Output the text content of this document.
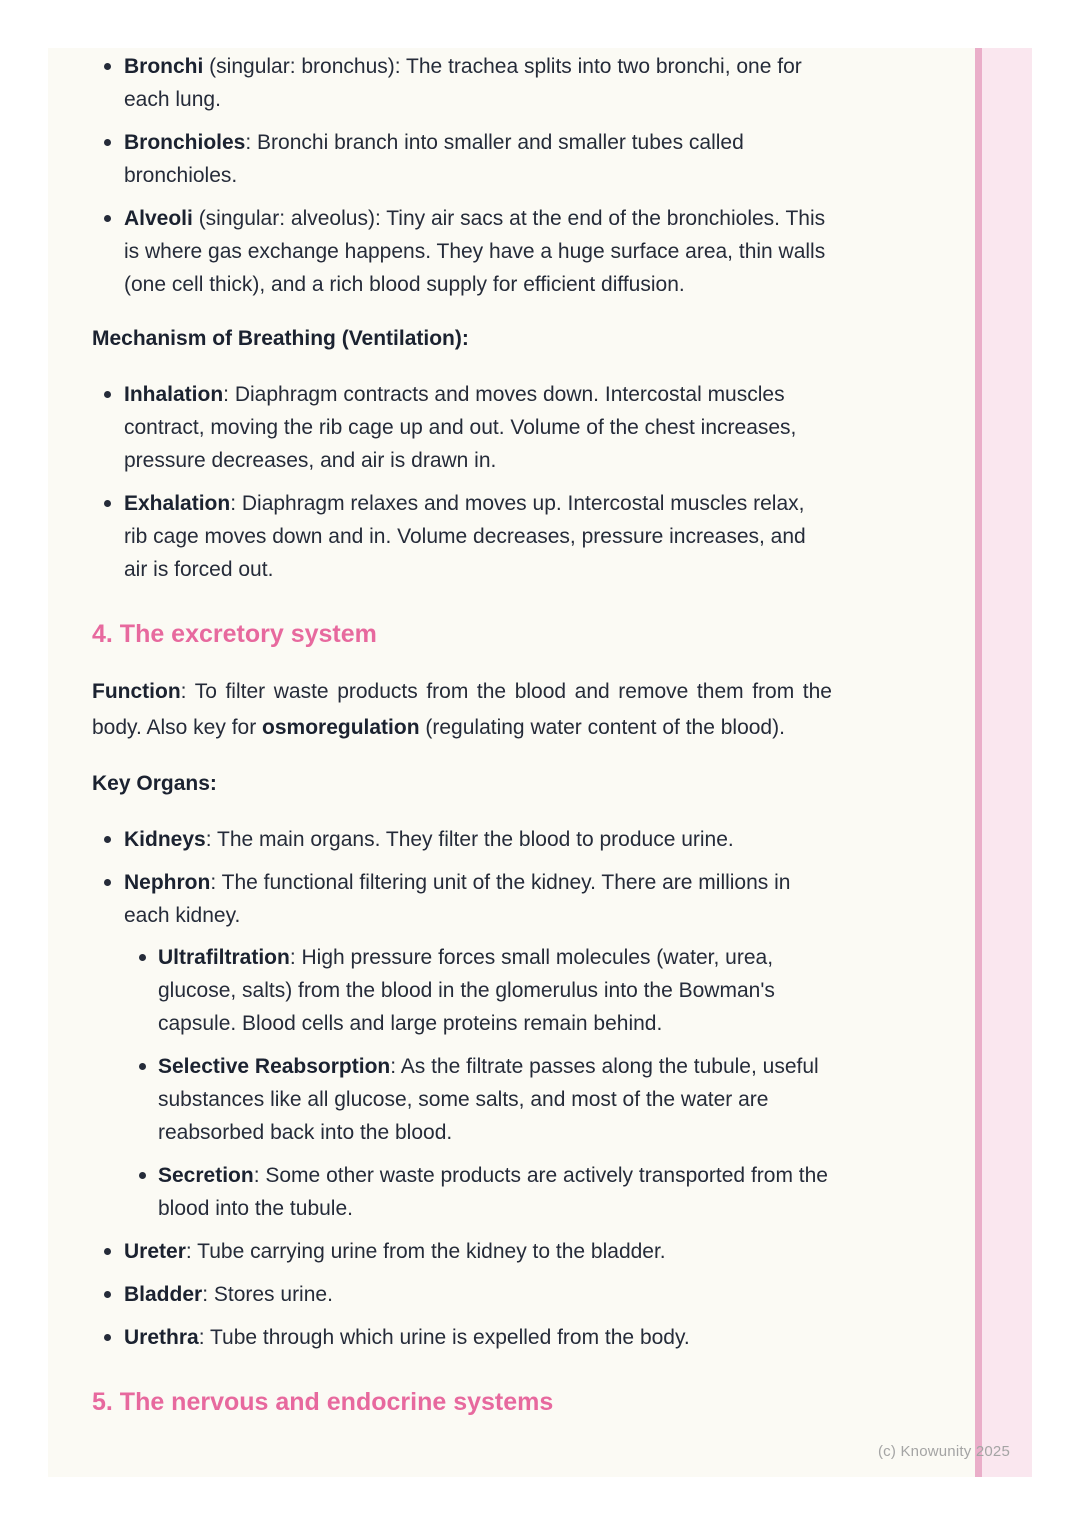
Bronchi (singular: bronchus): The trachea splits into two bronchi, one for each lung.
Bronchioles: Bronchi branch into smaller and smaller tubes called bronchioles.
Alveoli (singular: alveolus): Tiny air sacs at the end of the bronchioles. This is where gas exchange happens. They have a huge surface area, thin walls (one cell thick), and a rich blood supply for efficient diffusion.
Mechanism of Breathing (Ventilation):
Inhalation: Diaphragm contracts and moves down. Intercostal muscles contract, moving the rib cage up and out. Volume of the chest increases, pressure decreases, and air is drawn in.
Exhalation: Diaphragm relaxes and moves up. Intercostal muscles relax, rib cage moves down and in. Volume decreases, pressure increases, and air is forced out.
4. The excretory system

Function: To filter waste products from the blood and remove them from the body. Also key for osmoregulation (regulating water content of the blood).

Key Organs:
Kidneys: The main organs. They filter the blood to produce urine.
Nephron: The functional filtering unit of the kidney. There are millions in each kidney.
Ultrafiltration: High pressure forces small molecules (water, urea, glucose, salts) from the blood in the glomerulus into the Bowman's capsule. Blood cells and large proteins remain behind.
Selective Reabsorption: As the filtrate passes along the tubule, useful substances like all glucose, some salts, and most of the water are reabsorbed back into the blood.
Secretion: Some other waste products are actively transported from the blood into the tubule.
Ureter: Tube carrying urine from the kidney to the bladder.
Bladder: Stores urine.
Urethra: Tube through which urine is expelled from the body.
5. The nervous and endocrine systems
(c) Knowunity 2025
